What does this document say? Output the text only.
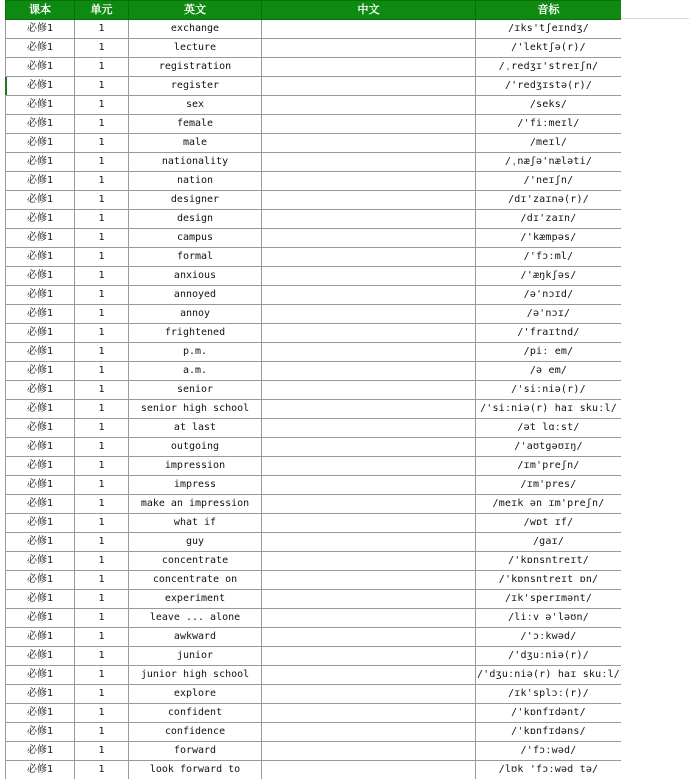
课本	单元	英文	中文	音标
必修1	1	exchange		/ɪks'tʃeɪndʒ/
必修1	1	lecture		/'lektʃə(r)/
必修1	1	registration		/ˌredʒɪ'streɪʃn/
必修1	1	register		/'redʒɪstə(r)/
必修1	1	sex		/seks/
必修1	1	female		/'fiːmeɪl/
必修1	1	male		/meɪl/
必修1	1	nationality		/ˌnæʃə'næləti/
必修1	1	nation		/'neɪʃn/
必修1	1	designer		/dɪ'zaɪnə(r)/
必修1	1	design		/dɪ'zaɪn/
必修1	1	campus		/'kæmpəs/
必修1	1	formal		/'fɔːml/
必修1	1	anxious		/'æŋkʃəs/
必修1	1	annoyed		/ə'nɔɪd/
必修1	1	annoy		/ə'nɔɪ/
必修1	1	frightened		/'fraɪtnd/
必修1	1	p.m.		/piː em/
必修1	1	a.m.		/ə em/
必修1	1	senior		/'siːniə(r)/
必修1	1	senior high school		/'siːniə(r) haɪ skuːl/
必修1	1	at last		/ət lɑːst/
必修1	1	outgoing		/'aʊtgəʊɪŋ/
必修1	1	impression		/ɪm'preʃn/
必修1	1	impress		/ɪm'pres/
必修1	1	make an impression		/meɪk ən ɪm'preʃn/
必修1	1	what if		/wɒt ɪf/
必修1	1	guy		/gaɪ/
必修1	1	concentrate		/'kɒnsntreɪt/
必修1	1	concentrate on		/'kɒnsntreɪt ɒn/
必修1	1	experiment		/ɪk'sperɪmənt/
必修1	1	leave ... alone		/liːv ə'ləʊn/
必修1	1	awkward		/'ɔːkwəd/
必修1	1	junior		/'dʒuːniə(r)/
必修1	1	junior high school		/'dʒuːniə(r) haɪ skuːl/
必修1	1	explore		/ɪk'splɔː(r)/
必修1	1	confident		/'kɒnfɪdənt/
必修1	1	confidence		/'kɒnfɪdəns/
必修1	1	forward		/'fɔːwəd/
必修1	1	look forward to		/lʊk 'fɔːwəd tə/
